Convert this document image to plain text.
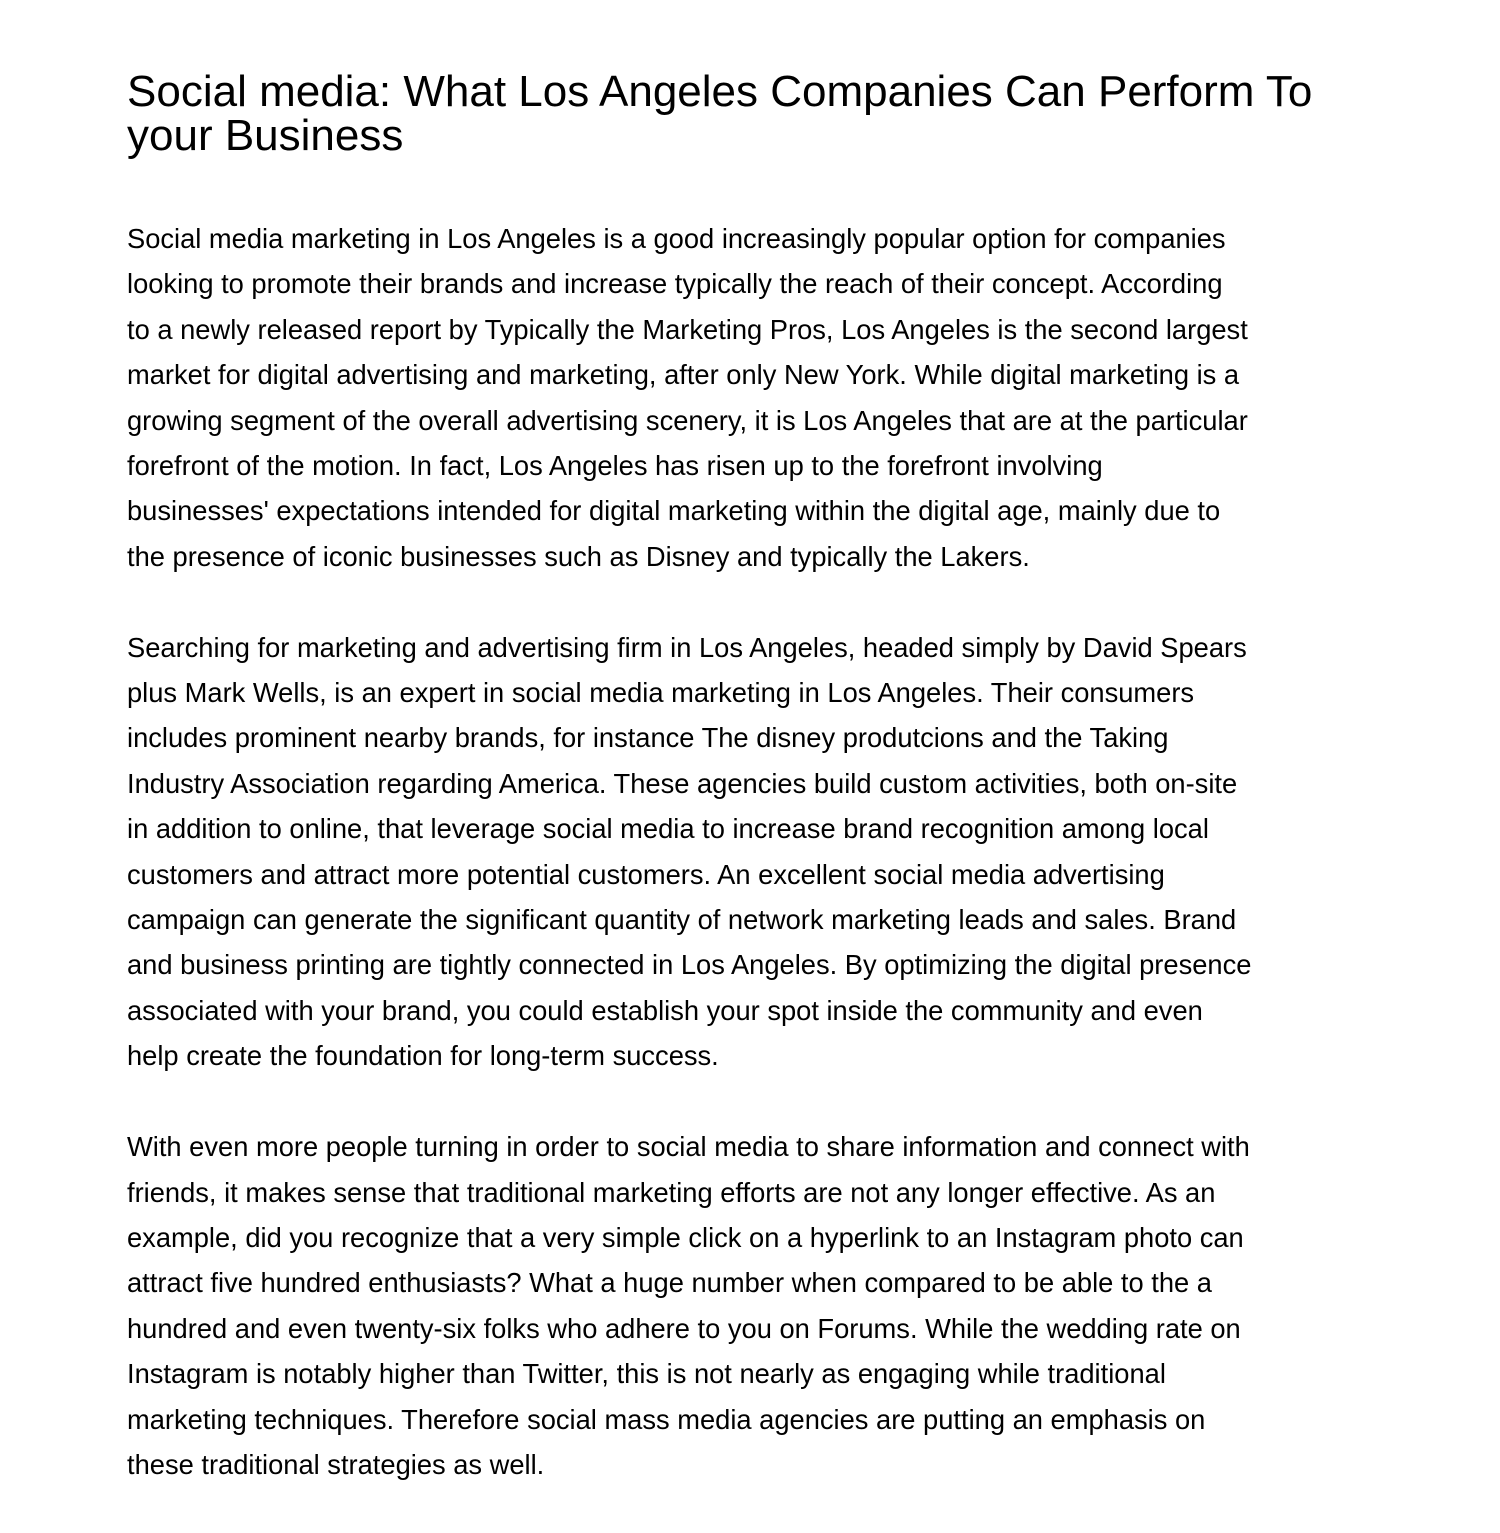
Social media: What Los Angeles Companies Can Perform To
your Business

Social media marketing in Los Angeles is a good increasingly popular option for companies
looking to promote their brands and increase typically the reach of their concept. According
to a newly released report by Typically the Marketing Pros, Los Angeles is the second largest
market for digital advertising and marketing, after only New York. While digital marketing is a
growing segment of the overall advertising scenery, it is Los Angeles that are at the particular
forefront of the motion. In fact, Los Angeles has risen up to the forefront involving
businesses' expectations intended for digital marketing within the digital age, mainly due to
the presence of iconic businesses such as Disney and typically the Lakers.

Searching for marketing and advertising firm in Los Angeles, headed simply by David Spears
plus Mark Wells, is an expert in social media marketing in Los Angeles. Their consumers
includes prominent nearby brands, for instance The disney produtcions and the Taking
Industry Association regarding America. These agencies build custom activities, both on-site
in addition to online, that leverage social media to increase brand recognition among local
customers and attract more potential customers. An excellent social media advertising
campaign can generate the significant quantity of network marketing leads and sales. Brand
and business printing are tightly connected in Los Angeles. By optimizing the digital presence
associated with your brand, you could establish your spot inside the community and even
help create the foundation for long-term success.

With even more people turning in order to social media to share information and connect with
friends, it makes sense that traditional marketing efforts are not any longer effective. As an
example, did you recognize that a very simple click on a hyperlink to an Instagram photo can
attract five hundred enthusiasts? What a huge number when compared to be able to the a
hundred and even twenty-six folks who adhere to you on Forums. While the wedding rate on
Instagram is notably higher than Twitter, this is not nearly as engaging while traditional
marketing techniques. Therefore social mass media agencies are putting an emphasis on
these traditional strategies as well.
